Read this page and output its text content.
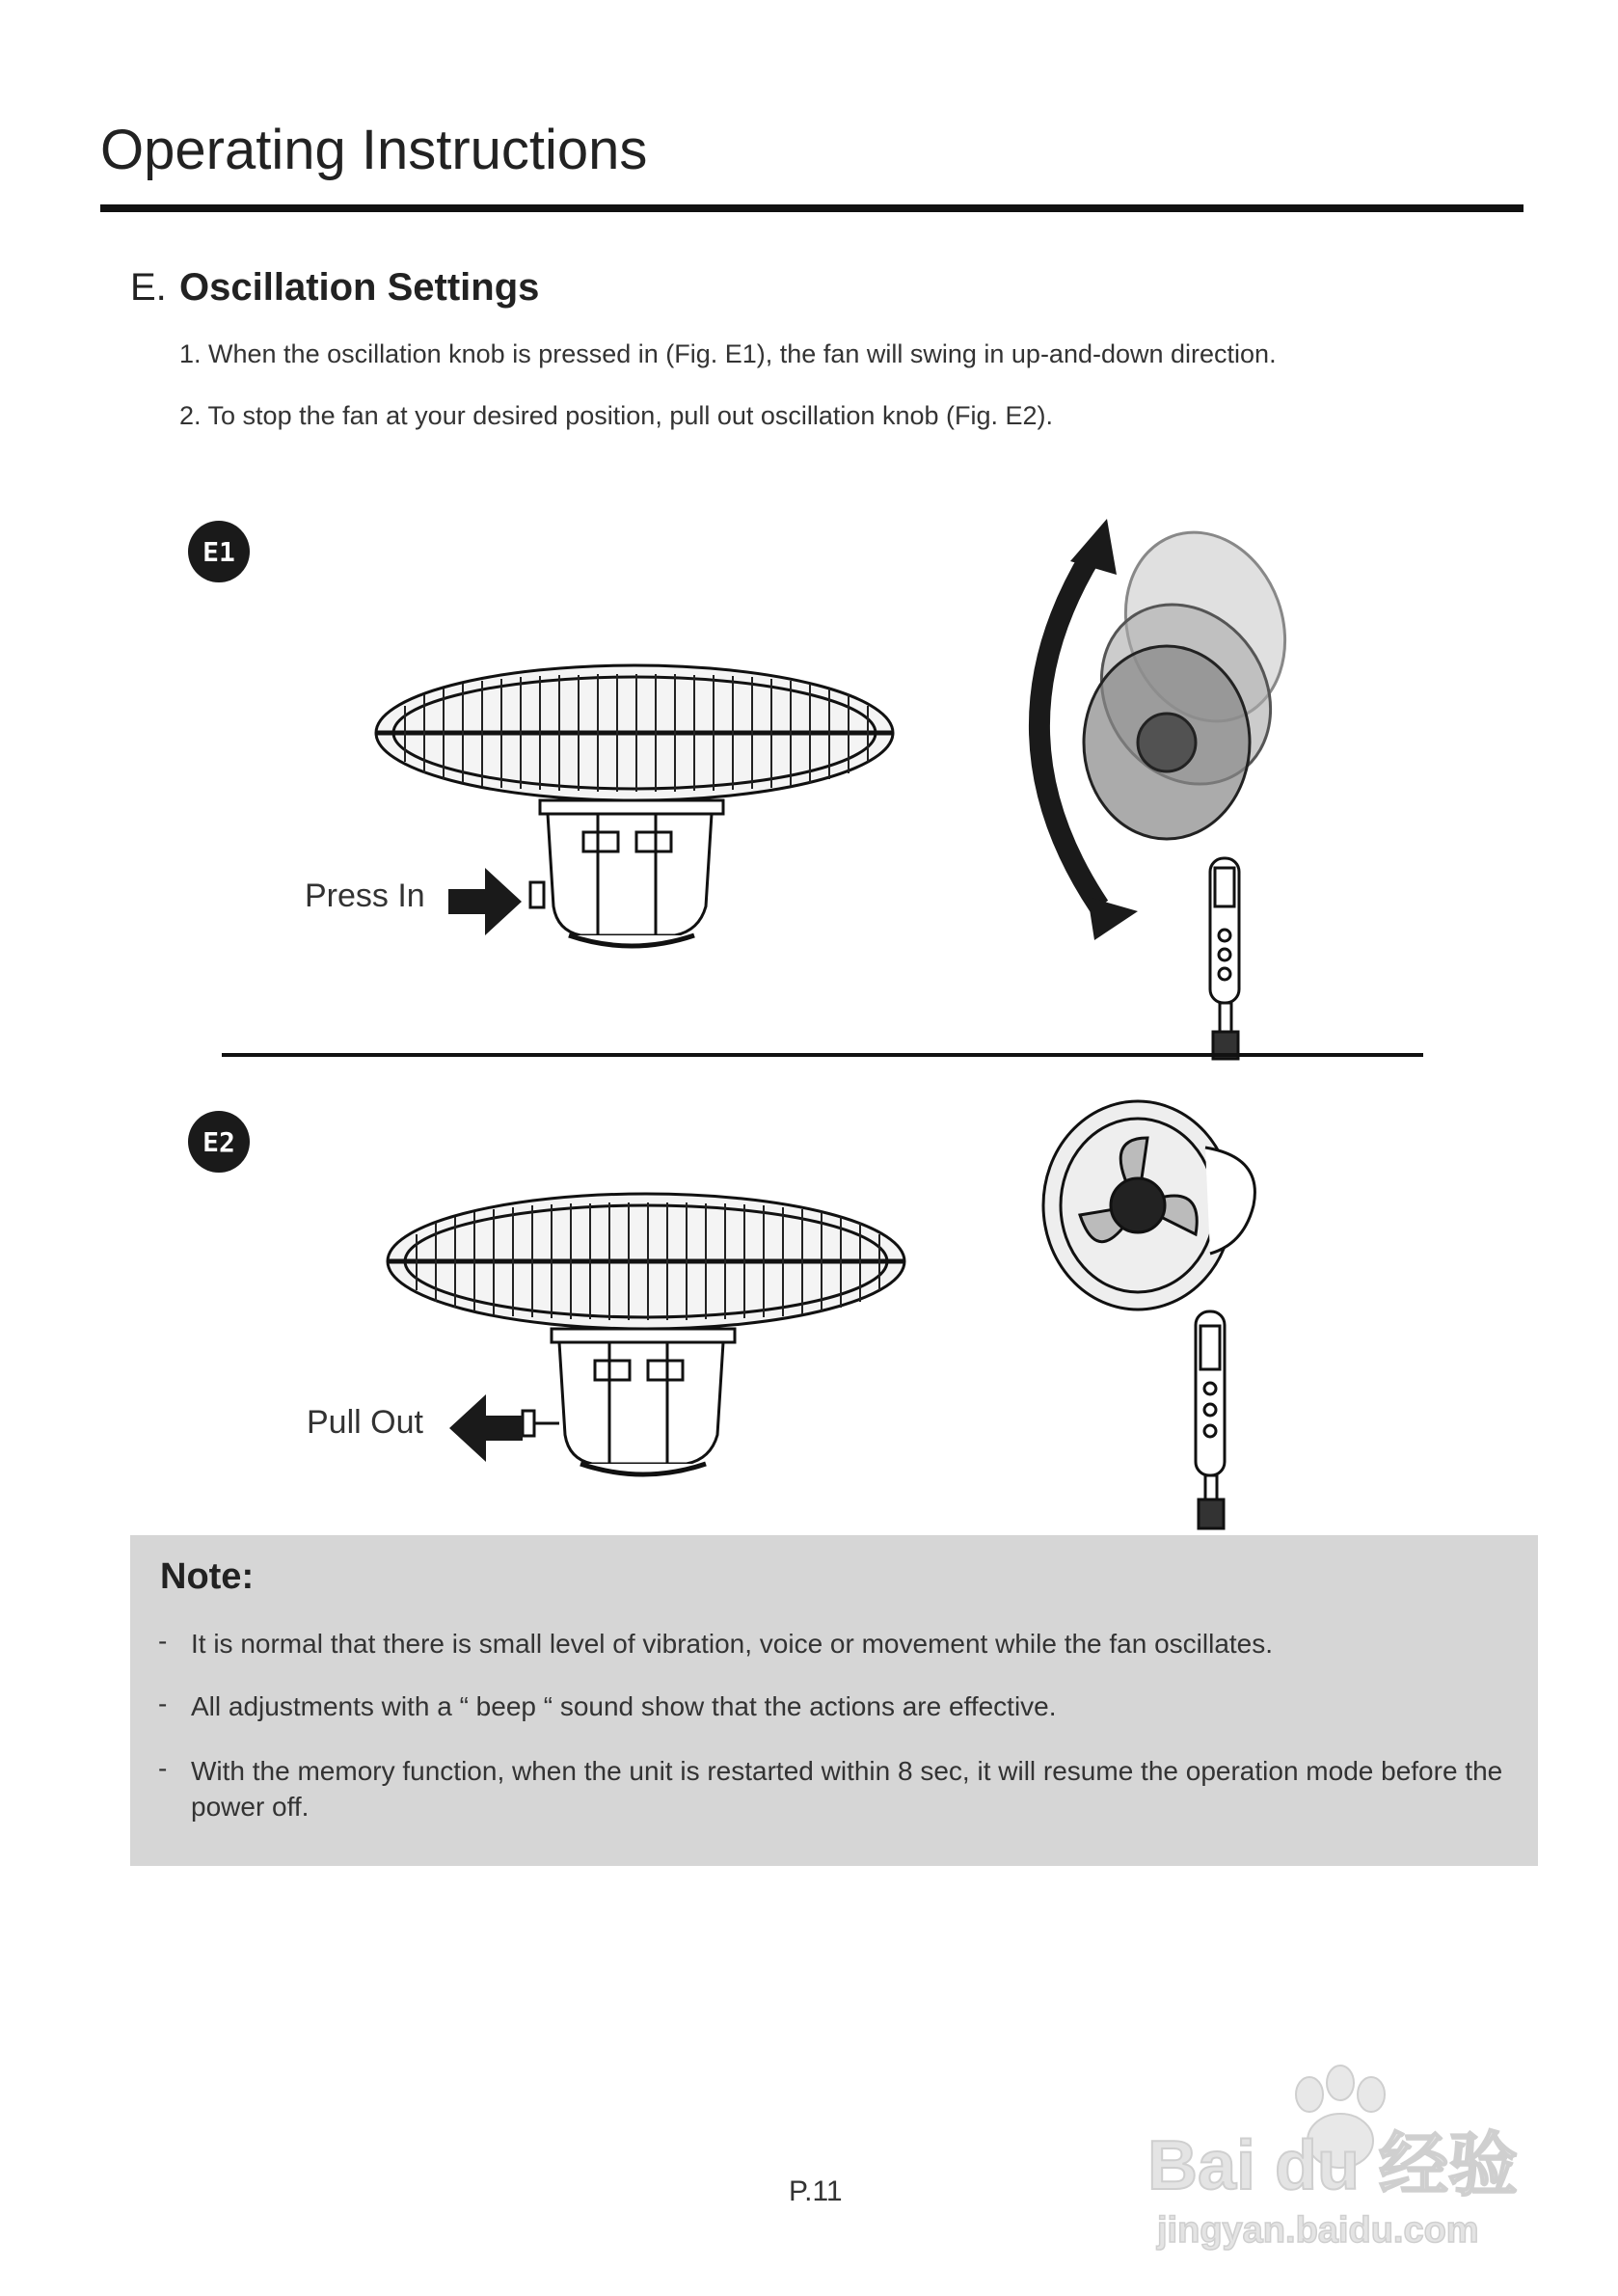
Operating Instructions
E. Oscillation Settings
1. When the oscillation knob is pressed in (Fig. E1), the fan will swing in up-and-down direction.
2. To stop the fan at your desired position, pull out oscillation knob (Fig. E2).
E1
Press In
E2
Pull Out
Note:
- It is normal that there is small level of vibration, voice or movement while the fan oscillates.
- All adjustments with a “ beep “ sound show that the actions are effective.
- With the memory function, when the unit is restarted within 8 sec, it will resume the operation mode before the power off.
Bai du 经验
jingyan.baidu.com
P.11
